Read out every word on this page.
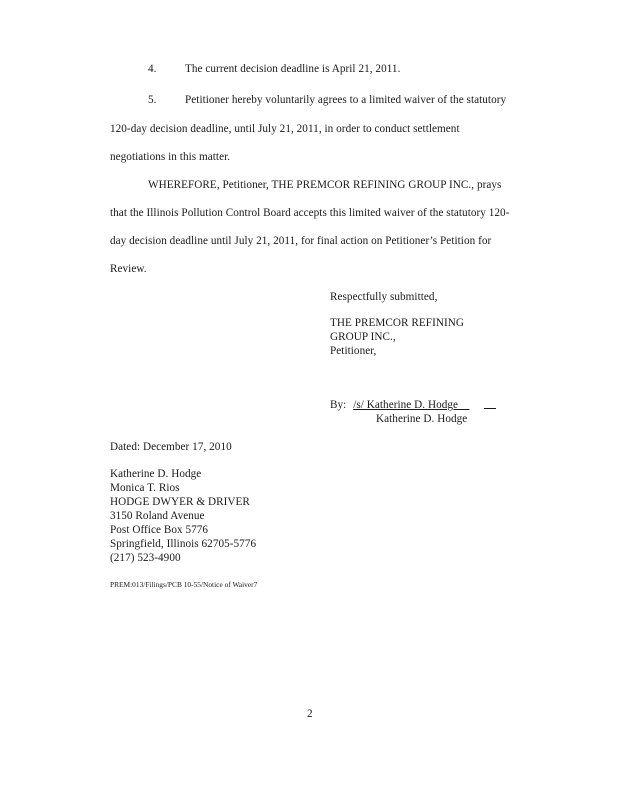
4.	The current decision deadline is April 21, 2011.
5.	Petitioner hereby voluntarily agrees to a limited waiver of the statutory
120-day decision deadline, until July 21, 2011, in order to conduct settlement
negotiations in this matter.
WHEREFORE, Petitioner, THE PREMCOR REFINING GROUP INC., prays
that the Illinois Pollution Control Board accepts this limited waiver of the statutory 120-
day decision deadline until July 21, 2011, for final action on Petitioner’s Petition for
Review.
Respectfully submitted,
THE PREMCOR REFINING
GROUP INC.,
Petitioner,
By: /s/ Katherine D. Hodge
Katherine D. Hodge
Dated: December 17, 2010
Katherine D. Hodge
Monica T. Rios
HODGE DWYER & DRIVER
3150 Roland Avenue
Post Office Box 5776
Springfield, Illinois 62705-5776
(217) 523-4900
PREM:013/Filings/PCB 10-55/Notice of Waiver7
2
